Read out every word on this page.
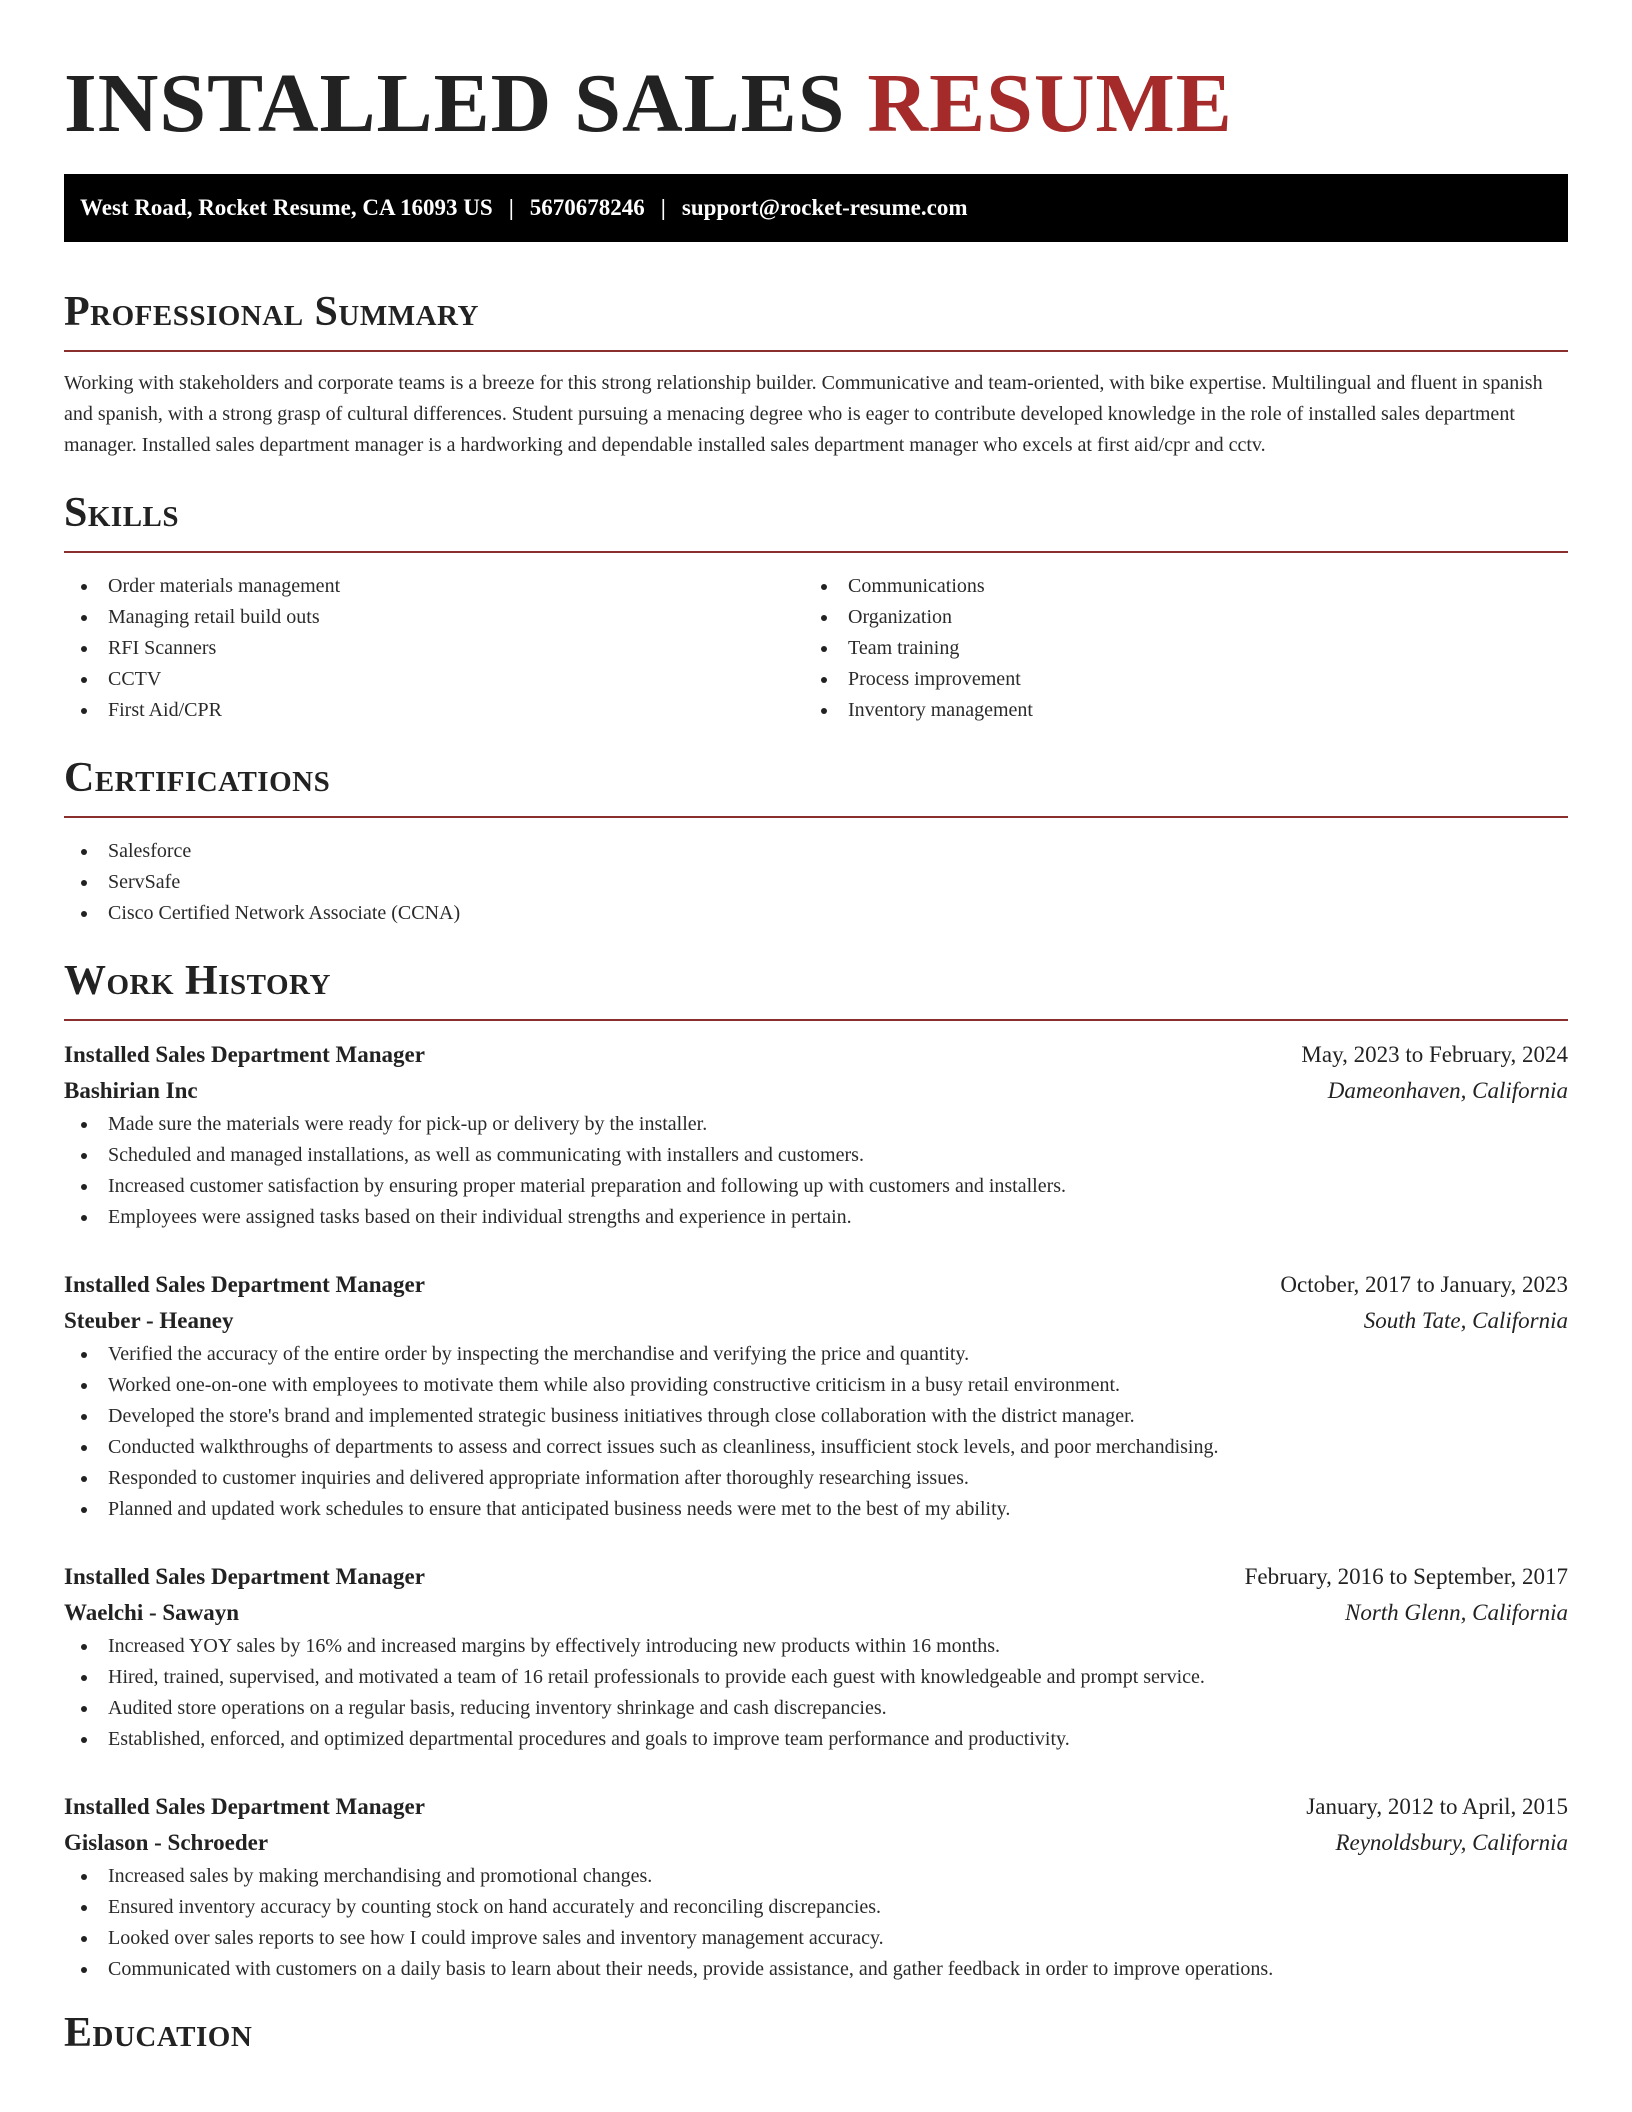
INSTALLED SALES RESUME
West Road, Rocket Resume, CA 16093 US | 5670678246 | support@rocket-resume.com
Professional Summary

Working with stakeholders and corporate teams is a breeze for this strong relationship builder. Communicative and team-oriented, with bike expertise. Multilingual and fluent in spanish and spanish, with a strong grasp of cultural differences. Student pursuing a menacing degree who is eager to contribute developed knowledge in the role of installed sales department manager. Installed sales department manager is a hardworking and dependable installed sales department manager who excels at first aid/cpr and cctv.

Skills
Order materials management
Managing retail build outs
RFI Scanners
CCTV
First Aid/CPR
Communications
Organization
Team training
Process improvement
Inventory management
Certifications
Salesforce
ServSafe
Cisco Certified Network Associate (CCNA)
Work History
Installed Sales Department Manager	May, 2023 to February, 2024
Bashirian Inc	Dameonhaven, California
Made sure the materials were ready for pick-up or delivery by the installer.
Scheduled and managed installations, as well as communicating with installers and customers.
Increased customer satisfaction by ensuring proper material preparation and following up with customers and installers.
Employees were assigned tasks based on their individual strengths and experience in pertain.
Installed Sales Department Manager	October, 2017 to January, 2023
Steuber - Heaney	South Tate, California
Verified the accuracy of the entire order by inspecting the merchandise and verifying the price and quantity.
Worked one-on-one with employees to motivate them while also providing constructive criticism in a busy retail environment.
Developed the store's brand and implemented strategic business initiatives through close collaboration with the district manager.
Conducted walkthroughs of departments to assess and correct issues such as cleanliness, insufficient stock levels, and poor merchandising.
Responded to customer inquiries and delivered appropriate information after thoroughly researching issues.
Planned and updated work schedules to ensure that anticipated business needs were met to the best of my ability.
Installed Sales Department Manager	February, 2016 to September, 2017
Waelchi - Sawayn	North Glenn, California
Increased YOY sales by 16% and increased margins by effectively introducing new products within 16 months.
Hired, trained, supervised, and motivated a team of 16 retail professionals to provide each guest with knowledgeable and prompt service.
Audited store operations on a regular basis, reducing inventory shrinkage and cash discrepancies.
Established, enforced, and optimized departmental procedures and goals to improve team performance and productivity.
Installed Sales Department Manager	January, 2012 to April, 2015
Gislason - Schroeder	Reynoldsbury, California
Increased sales by making merchandising and promotional changes.
Ensured inventory accuracy by counting stock on hand accurately and reconciling discrepancies.
Looked over sales reports to see how I could improve sales and inventory management accuracy.
Communicated with customers on a daily basis to learn about their needs, provide assistance, and gather feedback in order to improve operations.
Education
